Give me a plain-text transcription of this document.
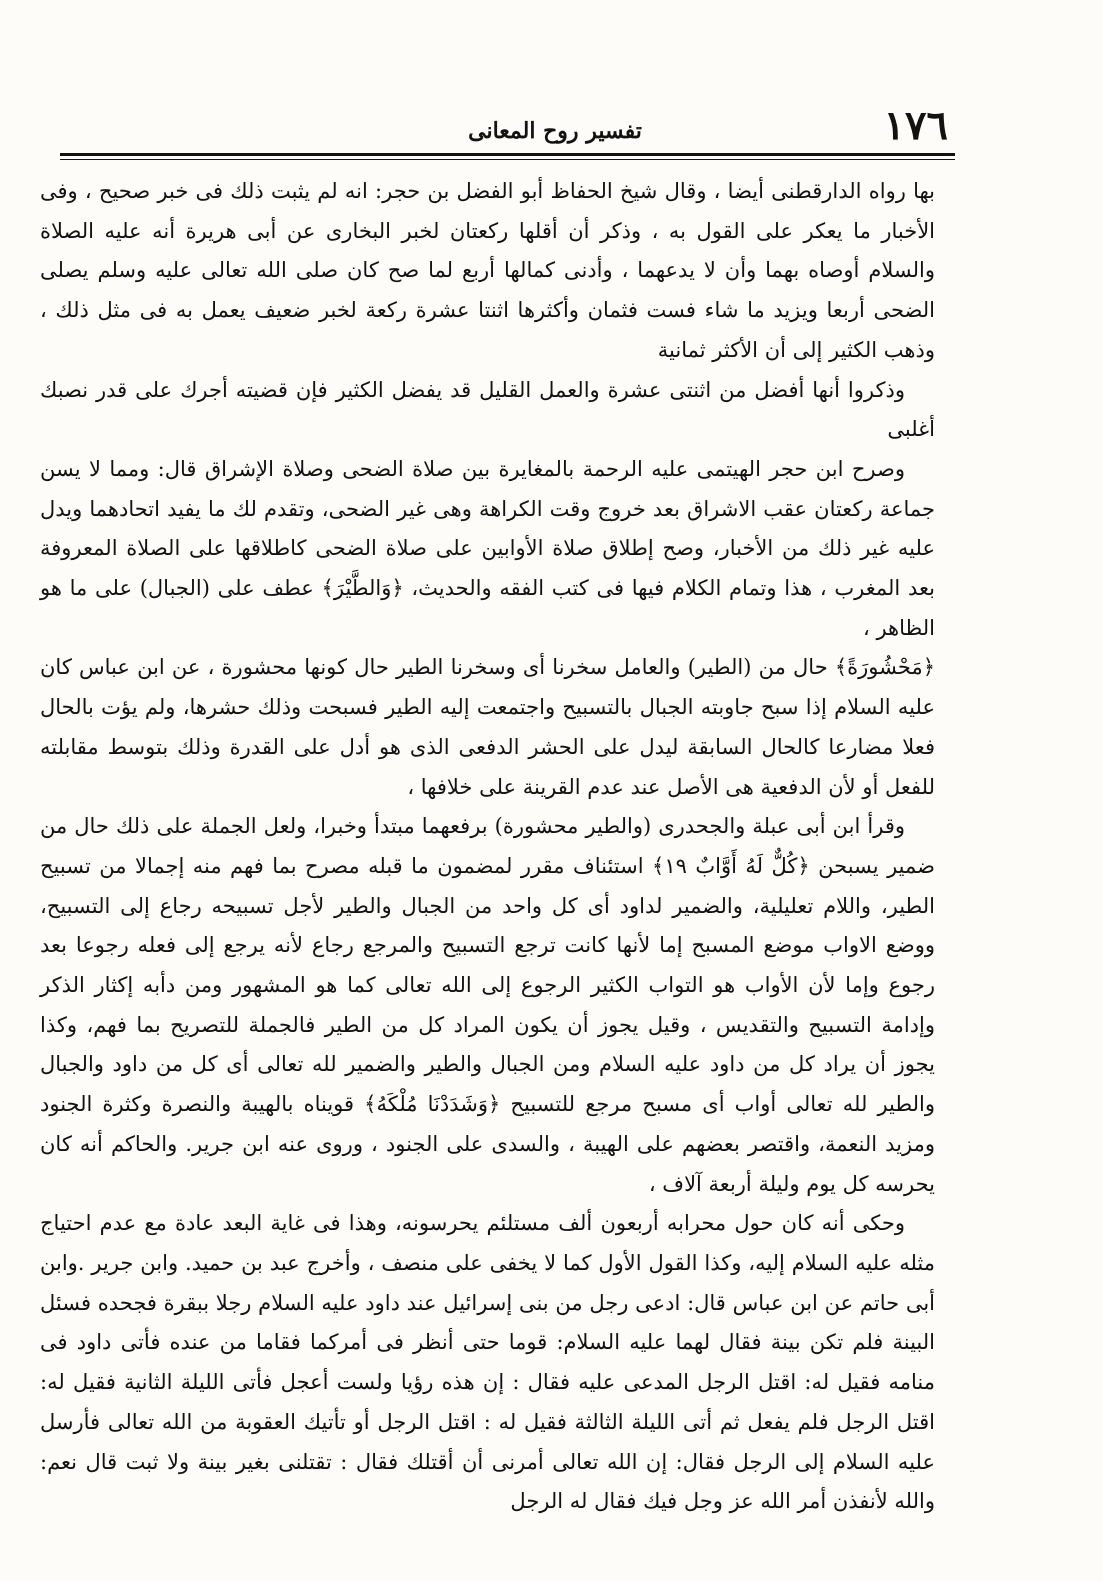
١٧٦
تفسير روح المعانى

بها رواه الدارقطنى أيضا ، وقال شيخ الحفاظ أبو الفضل بن حجر: انه لم يثبت ذلك فى خبر صحيح ، وفى الأخبار ما يعكر على القول به ، وذكر أن أقلها ركعتان لخبر البخارى عن أبى هريرة أنه عليه الصلاة والسلام أوصاه بهما وأن لا يدعهما ، وأدنى كمالها أربع لما صح كان صلى الله تعالى عليه وسلم يصلى الضحى أربعا ويزيد ما شاء فست فثمان وأكثرها اثنتا عشرة ركعة لخبر ضعيف يعمل به فى مثل ذلك ، وذهب الكثير إلى أن الأكثر ثمانية

وذكروا أنها أفضل من اثنتى عشرة والعمل القليل قد يفضل الكثير فإن قضيته أجرك على قدر نصبك أغلبى

وصرح ابن حجر الهيتمى عليه الرحمة بالمغايرة بين صلاة الضحى وصلاة الإشراق قال: ومما لا يسن جماعة ركعتان عقب الاشراق بعد خروج وقت الكراهة وهى غير الضحى، وتقدم لك ما يفيد اتحادهما ويدل عليه غير ذلك من الأخبار، وصح إطلاق صلاة الأوابين على صلاة الضحى كاطلاقها على الصلاة المعروفة بعد المغرب ، هذا وتمام الكلام فيها فى كتب الفقه والحديث، ﴿وَالطَّيْرَ﴾ عطف على (الجبال) على ما هو الظاهر ،

﴿مَحْشُورَةً﴾ حال من (الطير) والعامل سخرنا أى وسخرنا الطير حال كونها محشورة ، عن ابن عباس كان عليه السلام إذا سبح جاوبته الجبال بالتسبيح واجتمعت إليه الطير فسبحت وذلك حشرها، ولم يؤت بالحال فعلا مضارعا كالحال السابقة ليدل على الحشر الدفعى الذى هو أدل على القدرة وذلك بتوسط مقابلته للفعل أو لأن الدفعية هى الأصل عند عدم القرينة على خلافها ،

وقرأ ابن أبى عبلة والجحدرى (والطير محشورة) برفعهما مبتدأ وخبرا، ولعل الجملة على ذلك حال من ضمير يسبحن ﴿كُلٌّ لَهُ أَوَّابٌ ١٩﴾ استئناف مقرر لمضمون ما قبله مصرح بما فهم منه إجمالا من تسبيح الطير، واللام تعليلية، والضمير لداود أى كل واحد من الجبال والطير لأجل تسبيحه رجاع إلى التسبيح، ووضع الاواب موضع المسبح إما لأنها كانت ترجع التسبيح والمرجع رجاع لأنه يرجع إلى فعله رجوعا بعد رجوع وإما لأن الأواب هو التواب الكثير الرجوع إلى الله تعالى كما هو المشهور ومن دأبه إكثار الذكر وإدامة التسبيح والتقديس ، وقيل يجوز أن يكون المراد كل من الطير فالجملة للتصريح بما فهم، وكذا يجوز أن يراد كل من داود عليه السلام ومن الجبال والطير والضمير لله تعالى أى كل من داود والجبال والطير لله تعالى أواب أى مسبح مرجع للتسبيح ﴿وَشَدَدْنَا مُلْكَهُ﴾ قويناه بالهيبة والنصرة وكثرة الجنود ومزيد النعمة، واقتصر بعضهم على الهيبة ، والسدى على الجنود ، وروى عنه ابن جرير. والحاكم أنه كان يحرسه كل يوم وليلة أربعة آلاف ،

وحكى أنه كان حول محرابه أربعون ألف مستلئم يحرسونه، وهذا فى غاية البعد عادة مع عدم احتياج مثله عليه السلام إليه، وكذا القول الأول كما لا يخفى على منصف ، وأخرج عبد بن حميد. وابن جرير .وابن أبى حاتم عن ابن عباس قال: ادعى رجل من بنى إسرائيل عند داود عليه السلام رجلا ببقرة فجحده فسئل البينة فلم تكن بينة فقال لهما عليه السلام: قوما حتى أنظر فى أمركما فقاما من عنده فأتى داود فى منامه فقيل له: اقتل الرجل المدعى عليه فقال : إن هذه رؤيا ولست أعجل فأتى الليلة الثانية فقيل له: اقتل الرجل فلم يفعل ثم أتى الليلة الثالثة فقيل له : اقتل الرجل أو تأتيك العقوبة من الله تعالى فأرسل عليه السلام إلى الرجل فقال: إن الله تعالى أمرنى أن أقتلك فقال : تقتلنى بغير بينة ولا ثبت قال نعم: والله لأنفذن أمر الله عز وجل فيك فقال له الرجل
